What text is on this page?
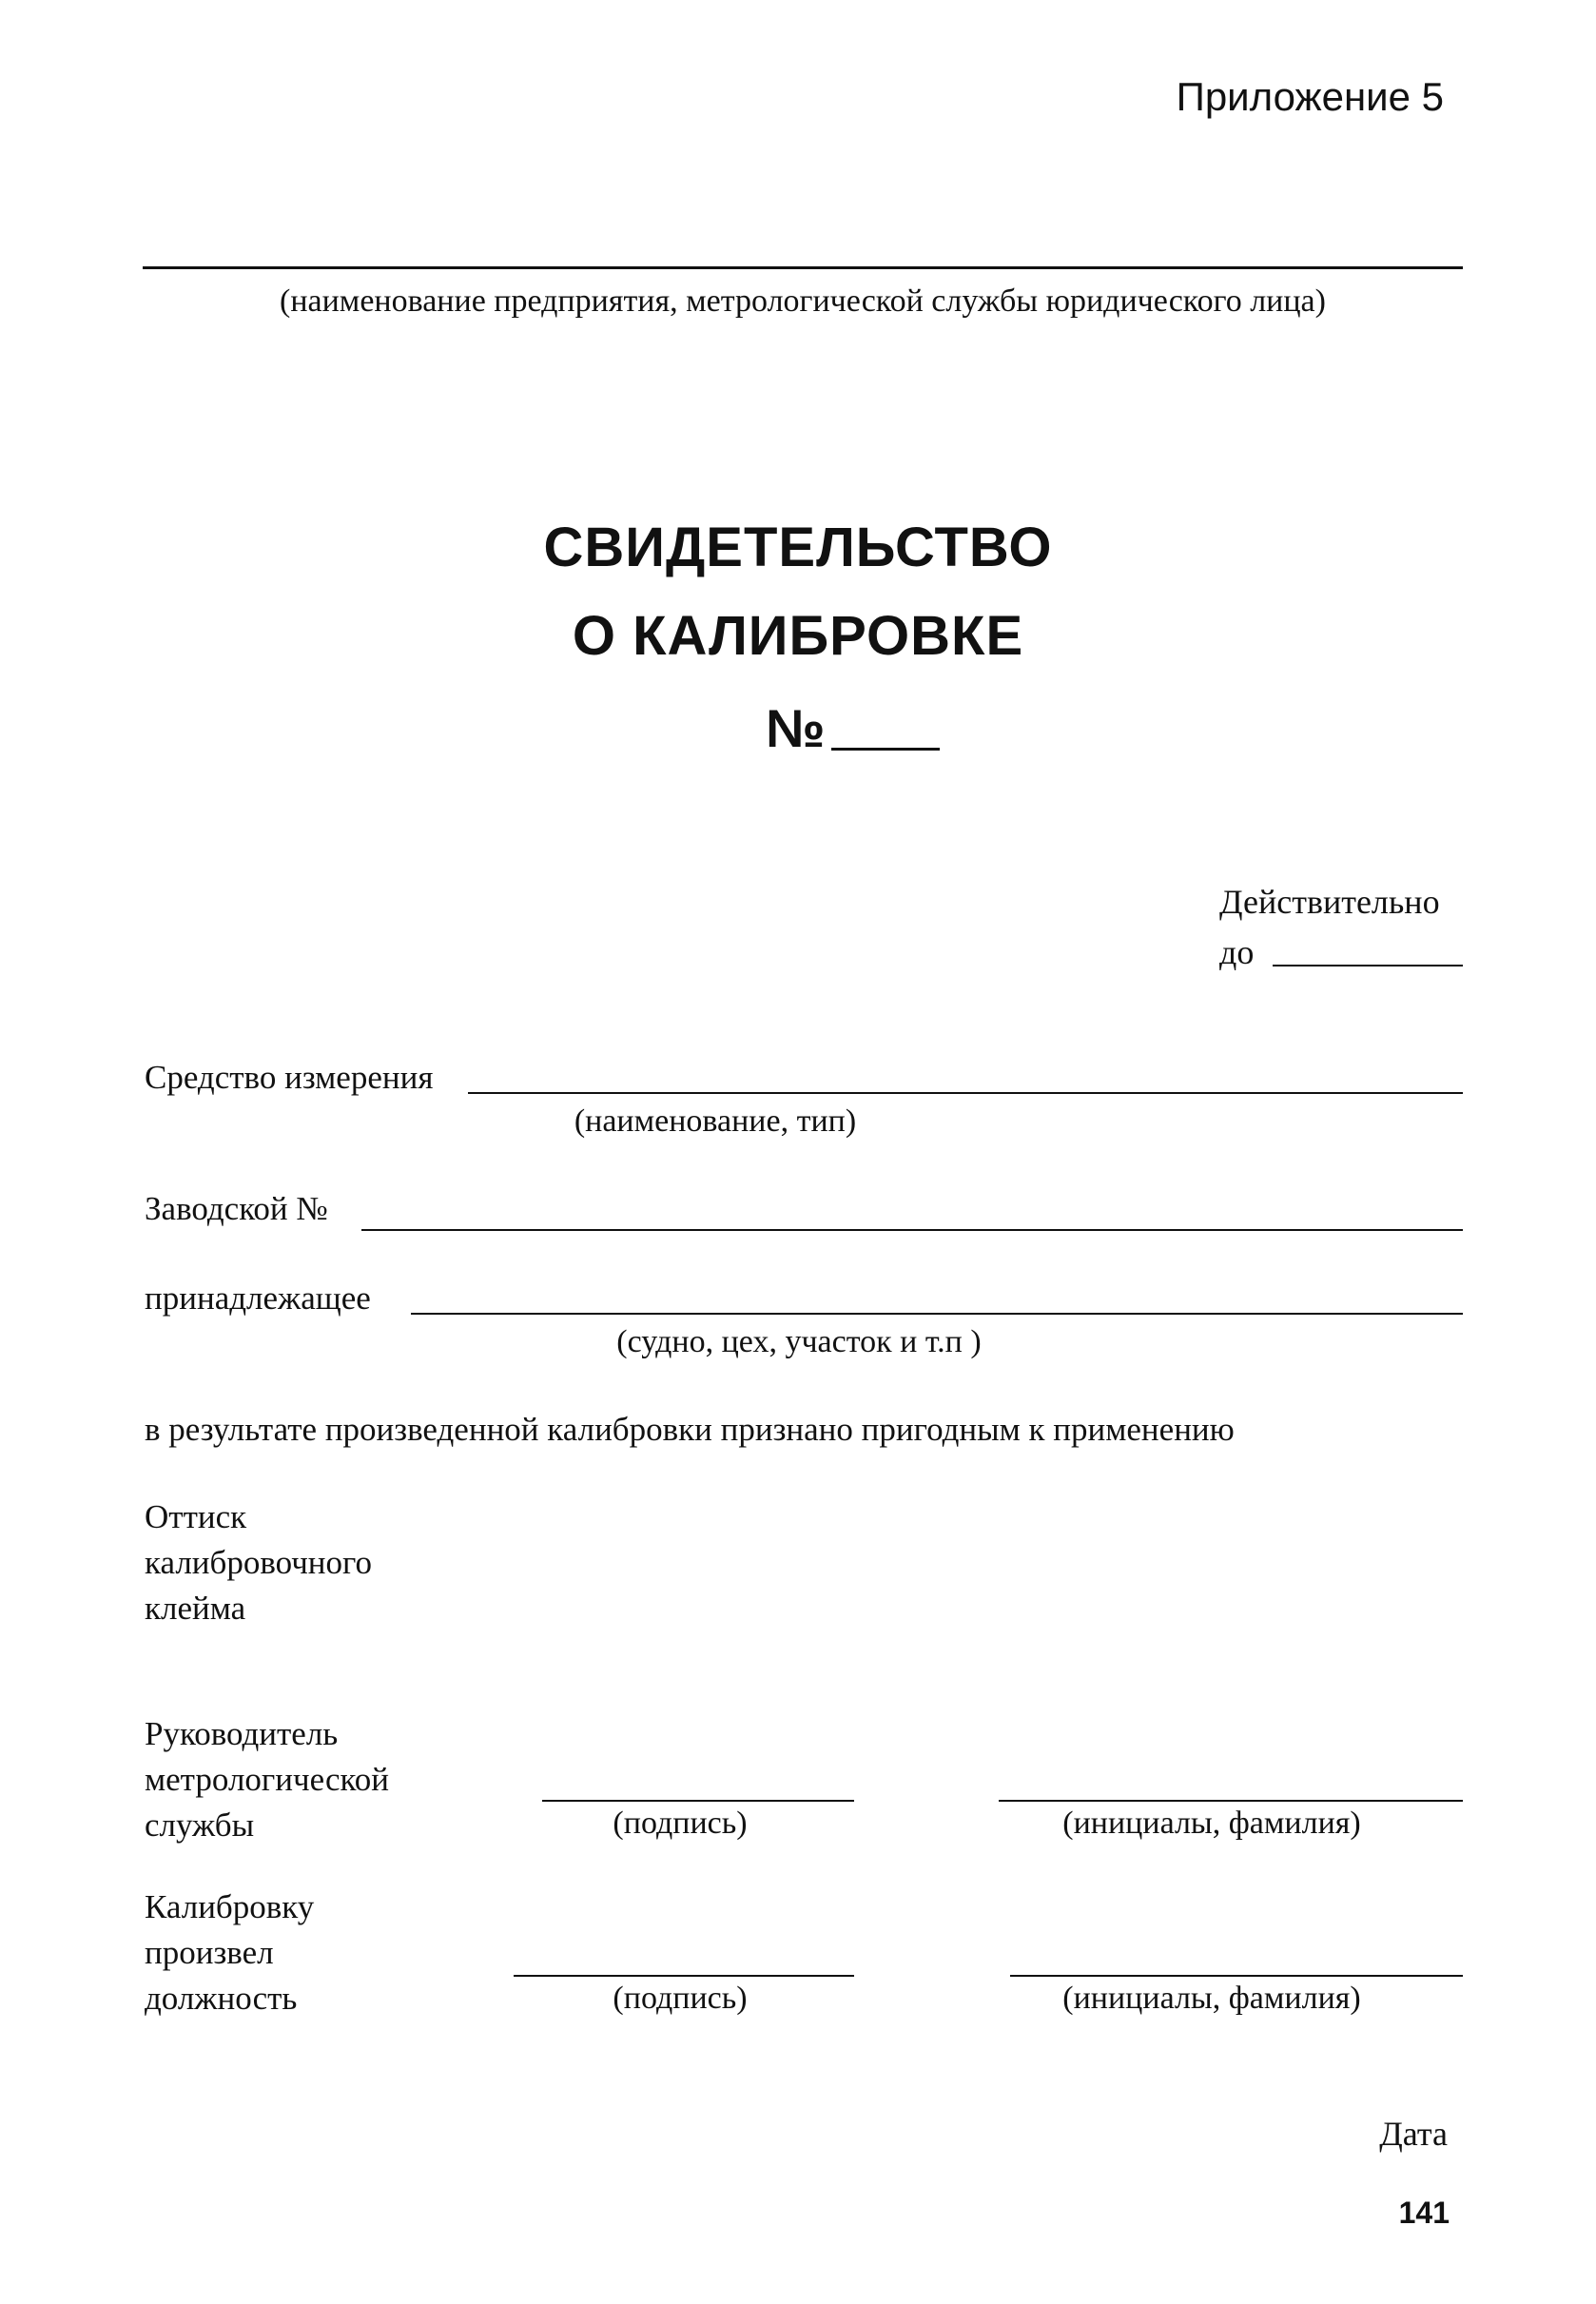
Приложение 5
(наименование предприятия, метрологической службы юридического лица)
СВИДЕТЕЛЬСТВО
О КАЛИБРОВКЕ
№
Действительно
до
Средство измерения
(наименование, тип)
Заводской №
принадлежащее
(судно, цех, участок и т.п )
в результате произведенной калибровки признано пригодным к применению
Оттиск
калибровочного
клейма
Руководитель
метрологической
службы	(подпись)	(инициалы, фамилия)
Калибровку
произвел
должность	(подпись)	(инициалы, фамилия)
Дата
141
